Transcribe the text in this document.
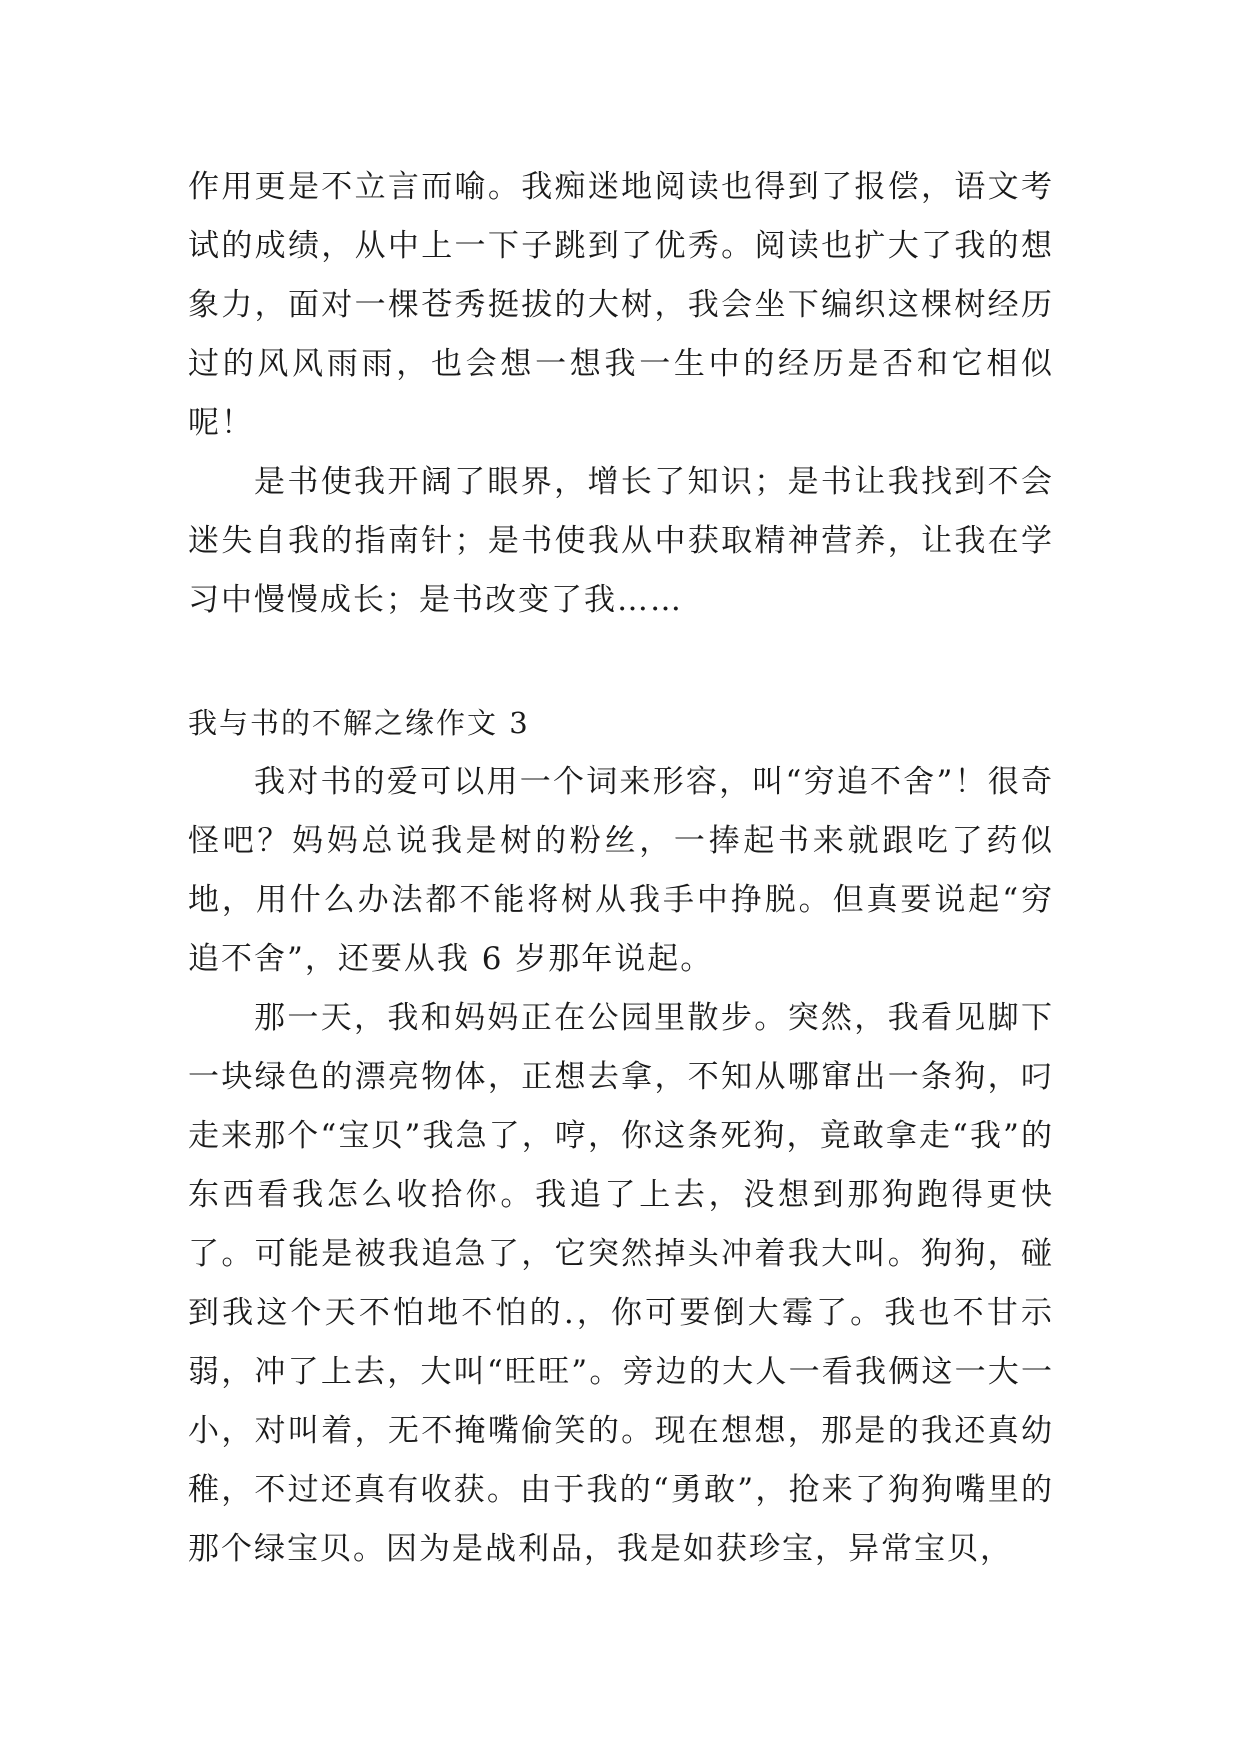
作用更是不立言而喻。我痴迷地阅读也得到了报偿，语文考试的成绩，从中上一下子跳到了优秀。阅读也扩大了我的想象力，面对一棵苍秀挺拔的大树，我会坐下编织这棵树经历过的风风雨雨，也会想一想我一生中的经历是否和它相似呢！

是书使我开阔了眼界，增长了知识；是书让我找到不会迷失自我的指南针；是书使我从中获取精神营养，让我在学习中慢慢成长；是书改变了我……

我与书的不解之缘作文 3

我对书的爱可以用一个词来形容，叫“穷追不舍”！很奇怪吧？妈妈总说我是树的粉丝，一捧起书来就跟吃了药似地，用什么办法都不能将树从我手中挣脱。但真要说起“穷追不舍”，还要从我 6 岁那年说起。

那一天，我和妈妈正在公园里散步。突然，我看见脚下一块绿色的漂亮物体，正想去拿，不知从哪窜出一条狗，叼走来那个“宝贝”我急了，哼，你这条死狗，竟敢拿走“我”的东西看我怎么收拾你。我追了上去，没想到那狗跑得更快了。可能是被我追急了，它突然掉头冲着我大叫。狗狗，碰到我这个天不怕地不怕的.，你可要倒大霉了。我也不甘示弱，冲了上去，大叫“旺旺”。旁边的大人一看我俩这一大一小，对叫着，无不掩嘴偷笑的。现在想想，那是的我还真幼稚，不过还真有收获。由于我的“勇敢”，抢来了狗狗嘴里的那个绿宝贝。因为是战利品，我是如获珍宝，异常宝贝，
